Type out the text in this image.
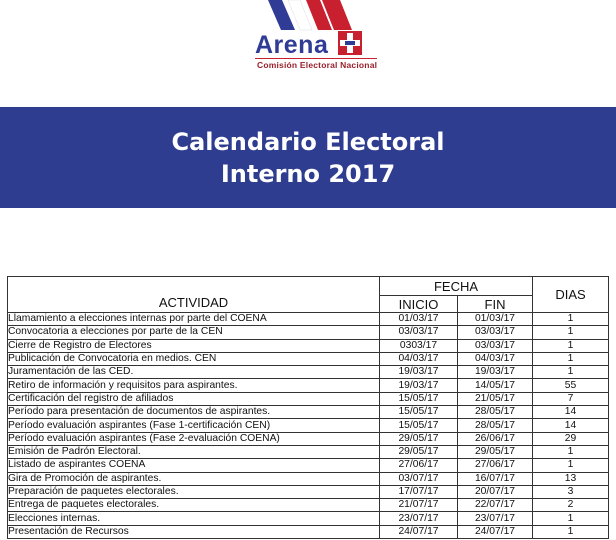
Arena
Comisión Electoral Nacional
Calendario Electoral
Interno 2017
ACTIVIDAD	FECHA		DIAS
	INICIO	FIN	
Llamamiento a elecciones internas por parte del COENA	01/03/17	01/03/17	1
Convocatoria a elecciones por parte de la CEN	03/03/17	03/03/17	1
Cierre de Registro de Electores	0303/17	03/03/17	1
Publicación de Convocatoria en medios. CEN	04/03/17	04/03/17	1
Juramentación de las CED.	19/03/17	19/03/17	1
Retiro de información y requisitos para aspirantes.	19/03/17	14/05/17	55
Certificación del registro de afiliados	15/05/17	21/05/17	7
Período para presentación de documentos de aspirantes.	15/05/17	28/05/17	14
Período evaluación aspirantes (Fase 1-certificación CEN)	15/05/17	28/05/17	14
Período evaluación aspirantes (Fase 2-evaluación COENA)	29/05/17	26/06/17	29
Emisión de Padrón Electoral.	29/05/17	29/05/17	1
Listado de aspirantes COENA	27/06/17	27/06/17	1
Gira de Promoción de aspirantes.	03/07/17	16/07/17	13
Preparación de paquetes electorales.	17/07/17	20/07/17	3
Entrega de paquetes electorales.	21/07/17	22/07/17	2
Elecciones internas.	23/07/17	23/07/17	1
Presentación de Recursos	24/07/17	24/07/17	1
